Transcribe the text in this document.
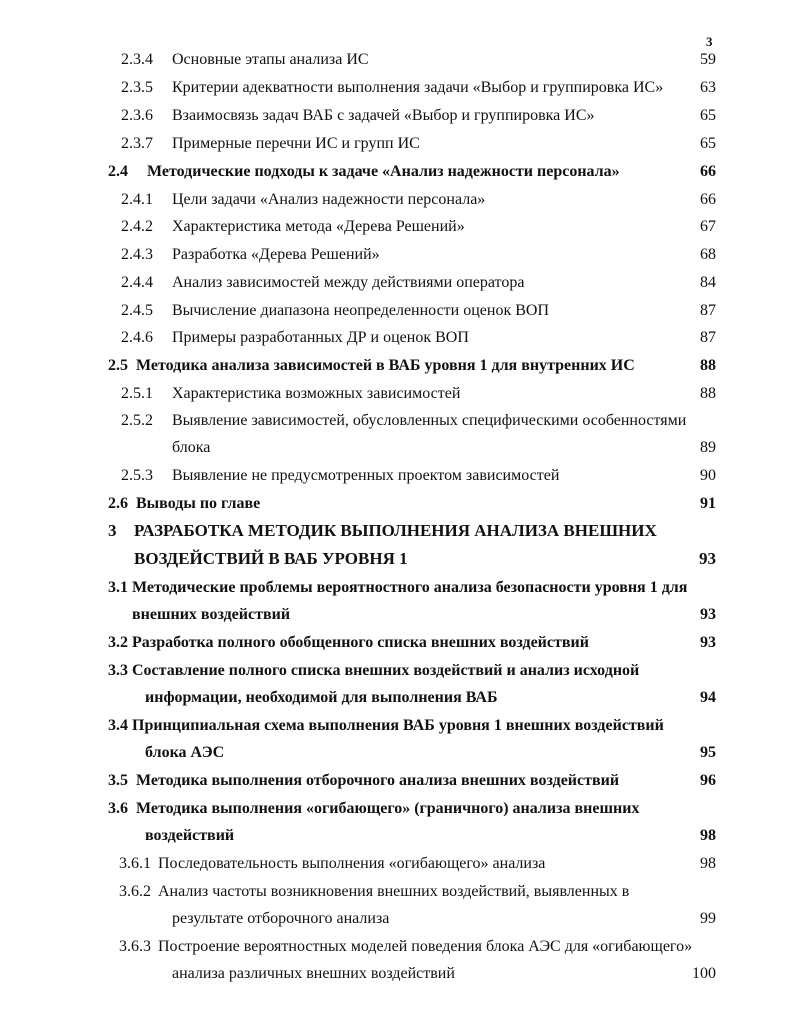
3
2.3.4 Основные этапы анализа ИС	59
2.3.5 Критерии адекватности выполнения задачи «Выбор и группировка ИС»	63
2.3.6 Взаимосвязь задач ВАБ с задачей «Выбор и группировка ИС»	65
2.3.7 Примерные перечни ИС и групп ИС	65
2.4 Методические подходы к задаче «Анализ надежности персонала»	66
2.4.1 Цели задачи «Анализ надежности персонала»	66
2.4.2 Характеристика метода «Дерева Решений»	67
2.4.3 Разработка «Дерева Решений»	68
2.4.4 Анализ зависимостей между действиями оператора	84
2.4.5 Вычисление диапазона неопределенности оценок ВОП	87
2.4.6 Примеры разработанных ДР и оценок ВОП	87
2.5 Методика анализа зависимостей в ВАБ уровня 1 для внутренних ИС	88
2.5.1 Характеристика возможных зависимостей	88
2.5.2 Выявление зависимостей, обусловленных специфическими особенностями
блока	89
2.5.3 Выявление не предусмотренных проектом зависимостей	90
2.6 Выводы по главе	91
3 РАЗРАБОТКА МЕТОДИК ВЫПОЛНЕНИЯ АНАЛИЗА ВНЕШНИХ
ВОЗДЕЙСТВИЙ В ВАБ УРОВНЯ 1	93
3.1 Методические проблемы вероятностного анализа безопасности уровня 1 для
внешних воздействий	93
3.2 Разработка полного обобщенного списка внешних воздействий	93
3.3 Составление полного списка внешних воздействий и анализ исходной
информации, необходимой для выполнения ВАБ	94
3.4 Принципиальная схема выполнения ВАБ уровня 1 внешних воздействий
блока АЭС	95
3.5 Методика выполнения отборочного анализа внешних воздействий	96
3.6 Методика выполнения «огибающего» (граничного) анализа внешних
воздействий	98
3.6.1 Последовательность выполнения «огибающего» анализа	98
3.6.2 Анализ частоты возникновения внешних воздействий, выявленных в
результате отборочного анализа	99
3.6.3 Построение вероятностных моделей поведения блока АЭС для «огибающего»
анализа различных внешних воздействий	100
